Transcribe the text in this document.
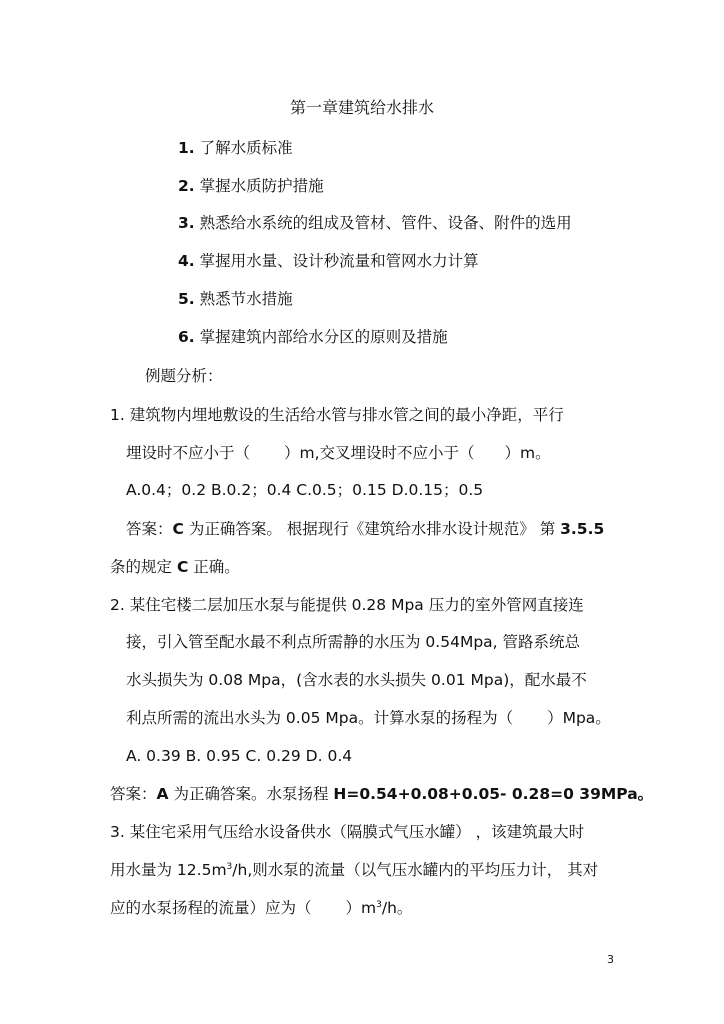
第一章建筑给水排水
1. 了解水质标准
2. 掌握水质防护措施
3. 熟悉给水系统的组成及管材、管件、设备、附件的选用
4. 掌握用水量、设计秒流量和管网水力计算
5. 熟悉节水措施
6. 掌握建筑内部给水分区的原则及措施
例题分析：
1. 建筑物内埋地敷设的生活给水管与排水管之间的最小净距，平行
埋设时不应小于（ ）m,交叉埋设时不应小于（ ）m。
A.0.4；0.2 B.0.2；0.4 C.0.5；0.15 D.0.15；0.5
答案：C 为正确答案。 根据现行《建筑给水排水设计规范》 第 3.5.5
条的规定 C 正确。
2. 某住宅楼二层加压水泵与能提供 0.28 Mpa 压力的室外管网直接连
接，引入管至配水最不利点所需静的水压为 0.54Mpa, 管路系统总
水头损失为 0.08 Mpa，(含水表的水头损失 0.01 Mpa)，配水最不
利点所需的流出水头为 0.05 Mpa。计算水泵的扬程为（ ）Mpa。
A. 0.39 B. 0.95 C. 0.29 D. 0.4
答案：A 为正确答案。水泵扬程 H=0.54+0.08+0.05- 0.28=0 39MPa。
3. 某住宅采用气压给水设备供水（隔膜式气压水罐） ，该建筑最大时
用水量为 $12.5m^3/h$,则水泵的流量（以气压水罐内的平均压力计， 其对
应的水泵扬程的流量）应为（ ）$m^3/h$。
3
